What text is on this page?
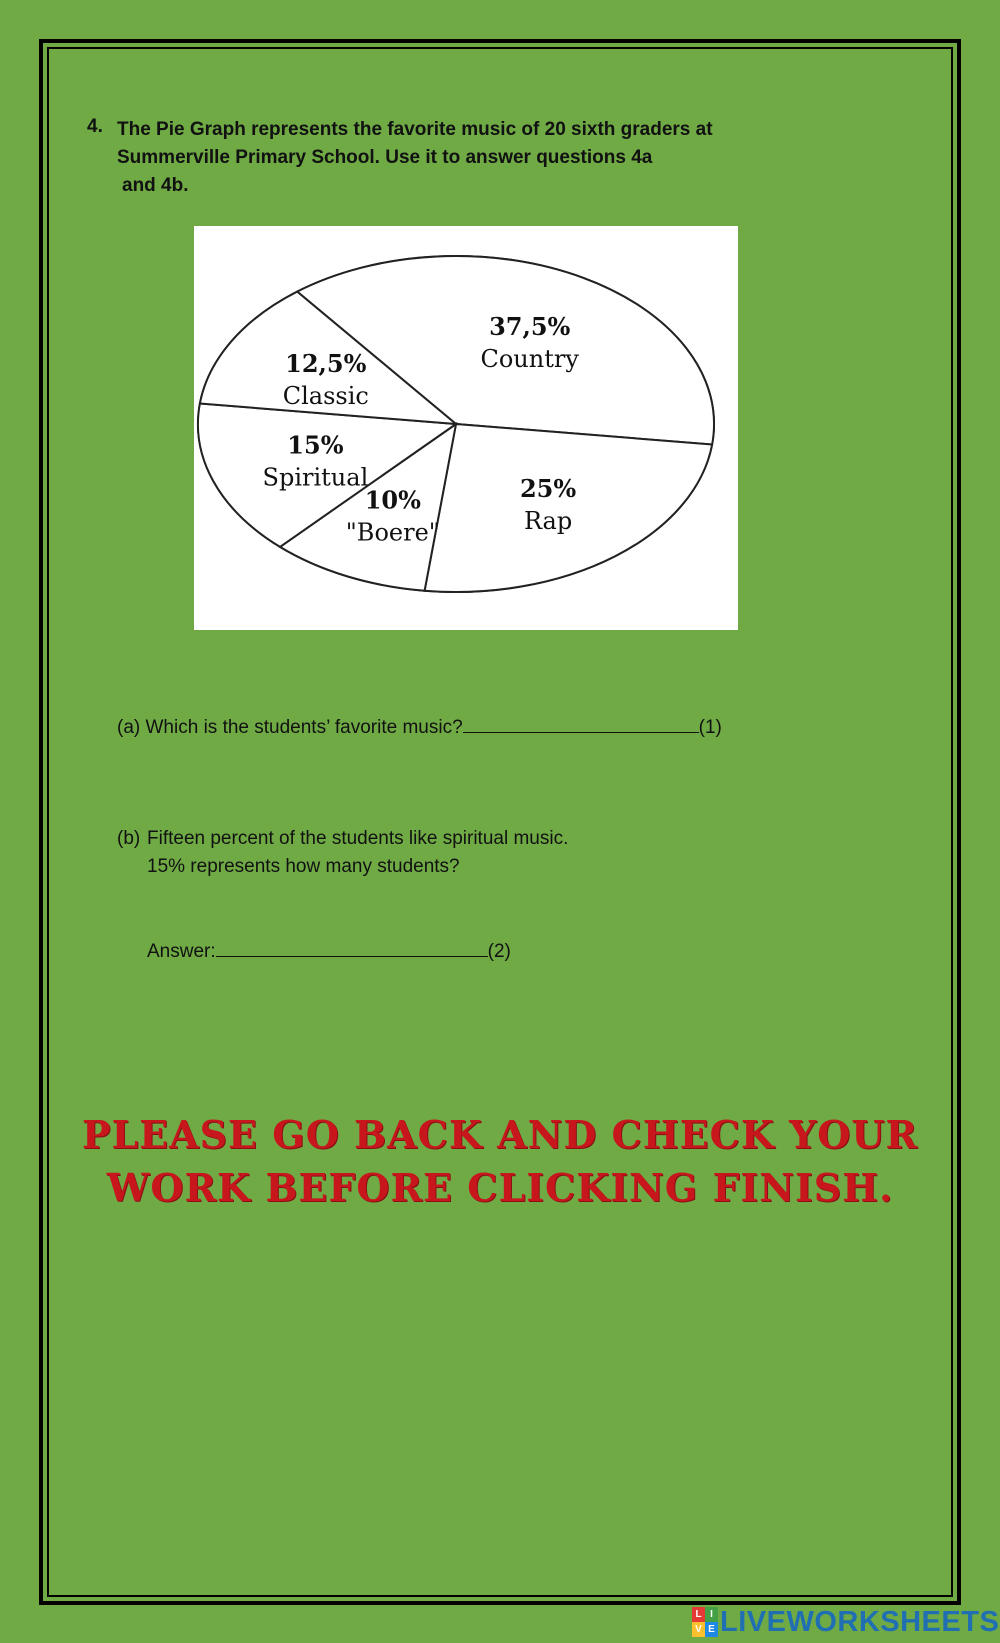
4. The Pie Graph represents the favorite music of 20 sixth graders at
Summerville Primary School. Use it to answer questions 4a
and 4b.
37,5%
Country
25%
Rap
10%
"Boere"
15%
Spiritual
12,5%
Classic
(a) Which is the students’ favorite music?	(1)
(b) Fifteen percent of the students like spiritual music.
15% represents how many students?
Answer:	(2)
PLEASE GO BACK AND CHECK YOUR
WORK BEFORE CLICKING FINISH.
L I
V E LIVEWORKSHEETS
